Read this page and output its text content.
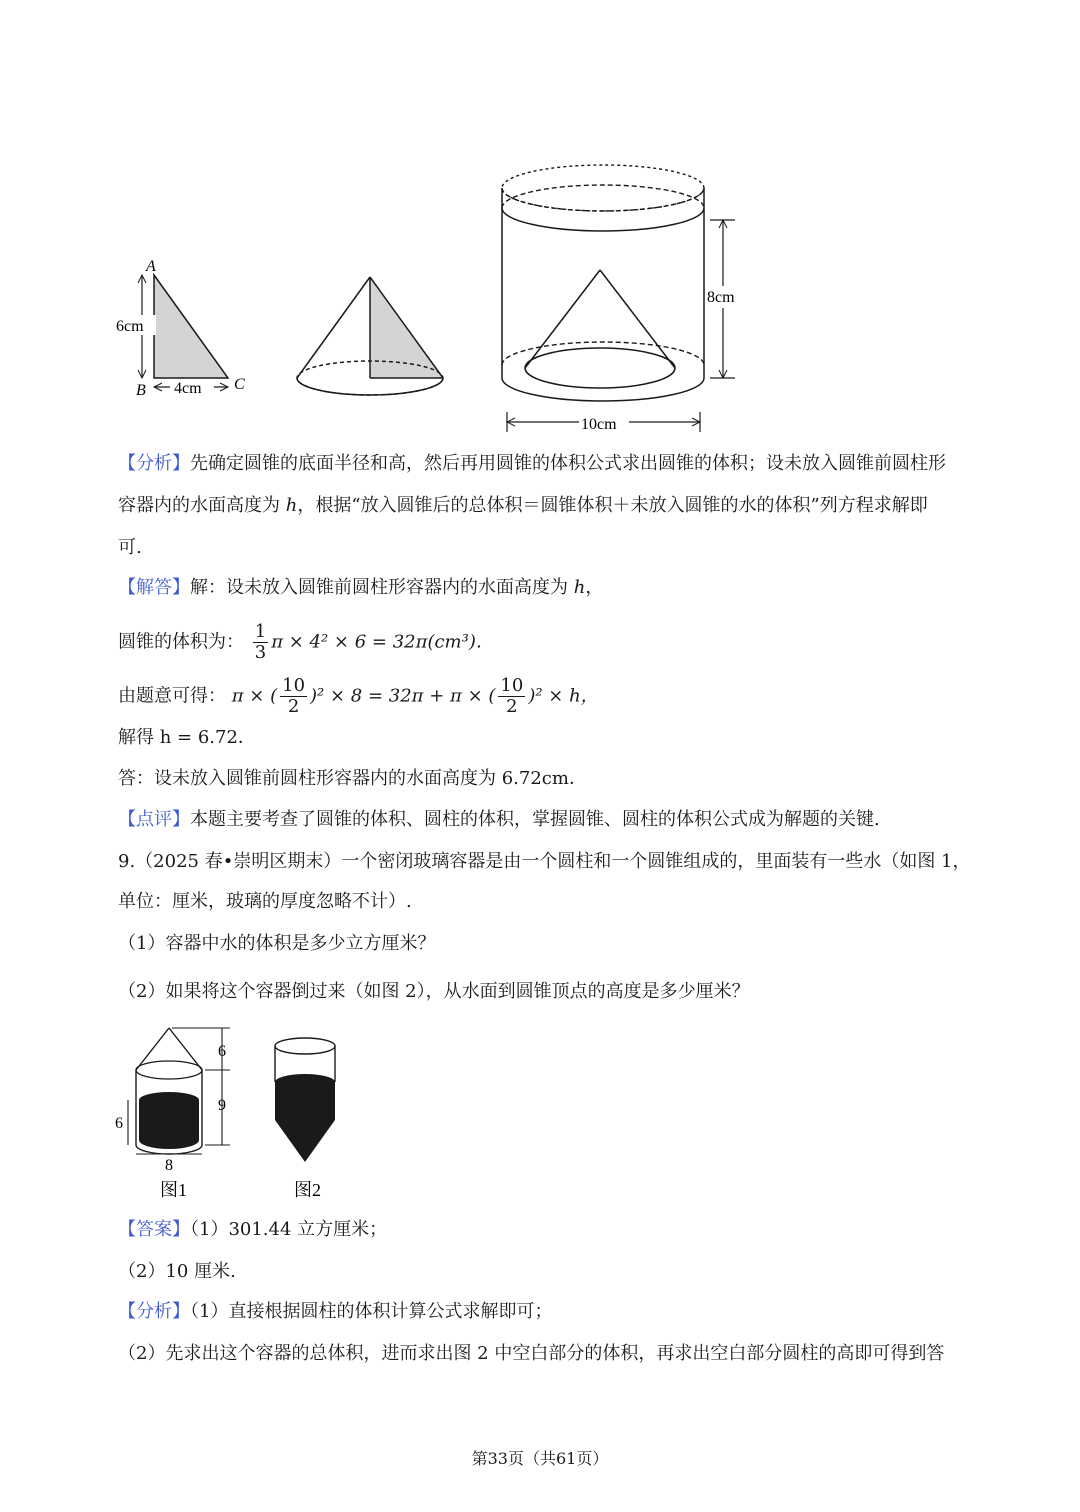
A
B	C
6cm
4cm
8cm
10cm
【分析】先确定圆锥的底面半径和高，然后再用圆锥的体积公式求出圆锥的体积；设未放入圆锥前圆柱形
容器内的水面高度为 h，根据“放入圆锥后的总体积＝圆锥体积＋未放入圆锥的水的体积”列方程求解即
可.
【解答】解：设未放入圆锥前圆柱形容器内的水面高度为 h，
圆锥的体积为： $\frac{1}{3}$ π × 4² × 6 = 32π(cm³)．
由题意可得： π × ( $\frac{10}{2} )^2 \times 8 = 32\pi + \pi$ × ( $\frac{10}{2} )^2 \times h$，
解得 h = 6.72．
答：设未放入圆锥前圆柱形容器内的水面高度为 6.72cm．
【点评】本题主要考查了圆锥的体积、圆柱的体积，掌握圆锥、圆柱的体积公式成为解题的关键.
9.（2025 春•崇明区期末）一个密闭玻璃容器是由一个圆柱和一个圆锥组成的，里面装有一些水（如图 1，
单位：厘米，玻璃的厚度忽略不计）.
（1）容器中水的体积是多少立方厘米？
（2）如果将这个容器倒过来（如图 2），从水面到圆锥顶点的高度是多少厘米？
6
9
6
8
图1	图2
【答案】（1）301.44 立方厘米；
（2）10 厘米.
【分析】（1）直接根据圆柱的体积计算公式求解即可；
（2）先求出这个容器的总体积，进而求出图 2 中空白部分的体积，再求出空白部分圆柱的高即可得到答
第33页（共61页）
